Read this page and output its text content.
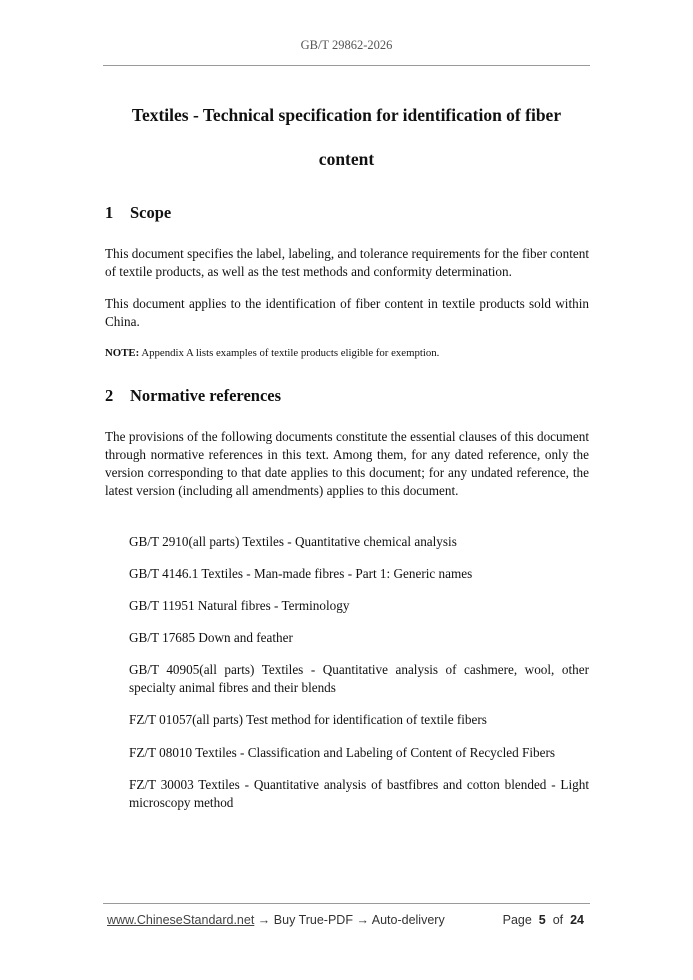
GB/T 29862-2026
Textiles - Technical specification for identification of fiber content
1 Scope

This document specifies the label, labeling, and tolerance requirements for the fiber content of textile products, as well as the test methods and conformity determination.

This document applies to the identification of fiber content in textile products sold within China.

NOTE: Appendix A lists examples of textile products eligible for exemption.

2 Normative references

The provisions of the following documents constitute the essential clauses of this document through normative references in this text. Among them, for any dated reference, only the version corresponding to that date applies to this document; for any undated reference, the latest version (including all amendments) applies to this document.

GB/T 2910(all parts) Textiles - Quantitative chemical analysis

GB/T 4146.1 Textiles - Man-made fibres - Part 1: Generic names

GB/T 11951 Natural fibres - Terminology

GB/T 17685 Down and feather

GB/T 40905(all parts) Textiles - Quantitative analysis of cashmere, wool, other specialty animal fibres and their blends

FZ/T 01057(all parts) Test method for identification of textile fibers

FZ/T 08010 Textiles - Classification and Labeling of Content of Recycled Fibers

FZ/T 30003 Textiles - Quantitative analysis of bastfibres and cotton blended - Light microscopy method

www.ChineseStandard.net → Buy True-PDF → Auto-delivery	Page 5 of 24
